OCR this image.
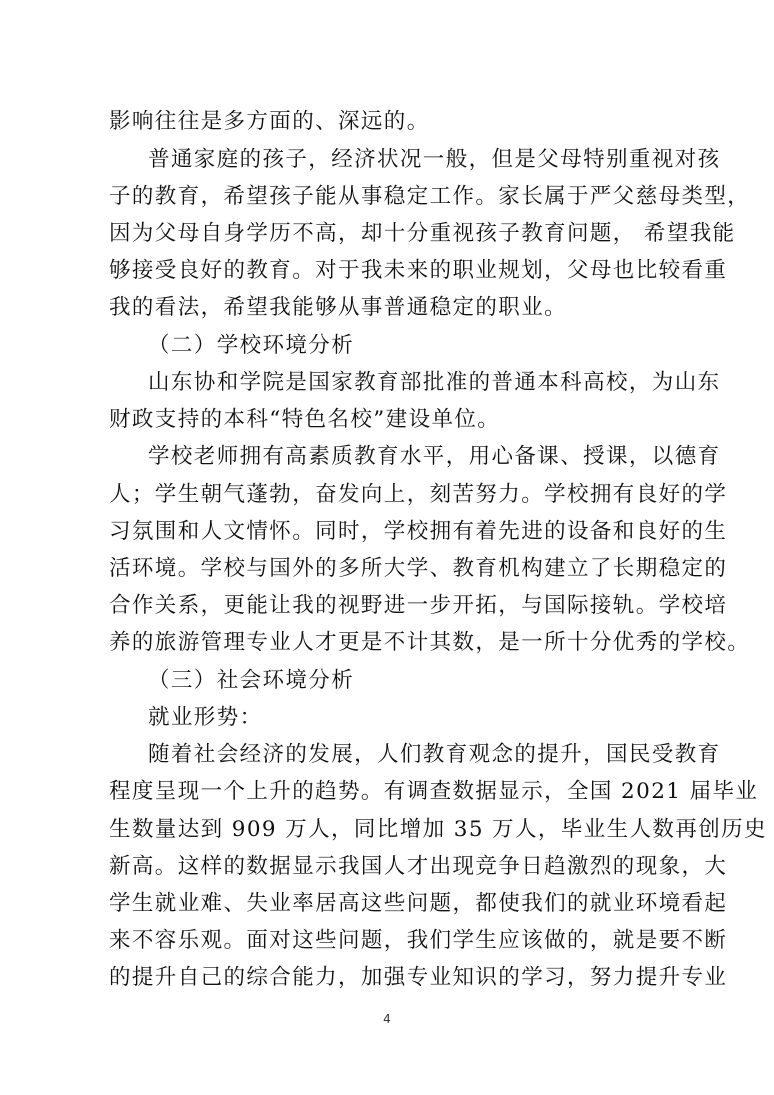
影响往往是多方面的、深远的。
普通家庭的孩子，经济状况一般，但是父母特别重视对孩
子的教育，希望孩子能从事稳定工作。家长属于严父慈母类型，
因为父母自身学历不高，却十分重视孩子教育问题， 希望我能
够接受良好的教育。对于我未来的职业规划，父母也比较看重
我的看法，希望我能够从事普通稳定的职业。
（二）学校环境分析
山东协和学院是国家教育部批准的普通本科高校，为山东
财政支持的本科“特色名校”建设单位。
学校老师拥有高素质教育水平，用心备课、授课，以德育
人；学生朝气蓬勃，奋发向上，刻苦努力。学校拥有良好的学
习氛围和人文情怀。同时，学校拥有着先进的设备和良好的生
活环境。学校与国外的多所大学、教育机构建立了长期稳定的
合作关系，更能让我的视野进一步开拓，与国际接轨。学校培
养的旅游管理专业人才更是不计其数，是一所十分优秀的学校。
（三）社会环境分析
就业形势：
随着社会经济的发展，人们教育观念的提升，国民受教育
程度呈现一个上升的趋势。有调查数据显示，全国 2021 届毕业
生数量达到 909 万人，同比增加 35 万人，毕业生人数再创历史
新高。这样的数据显示我国人才出现竞争日趋激烈的现象，大
学生就业难、失业率居高这些问题，都使我们的就业环境看起
来不容乐观。面对这些问题，我们学生应该做的，就是要不断
的提升自己的综合能力，加强专业知识的学习，努力提升专业
4
